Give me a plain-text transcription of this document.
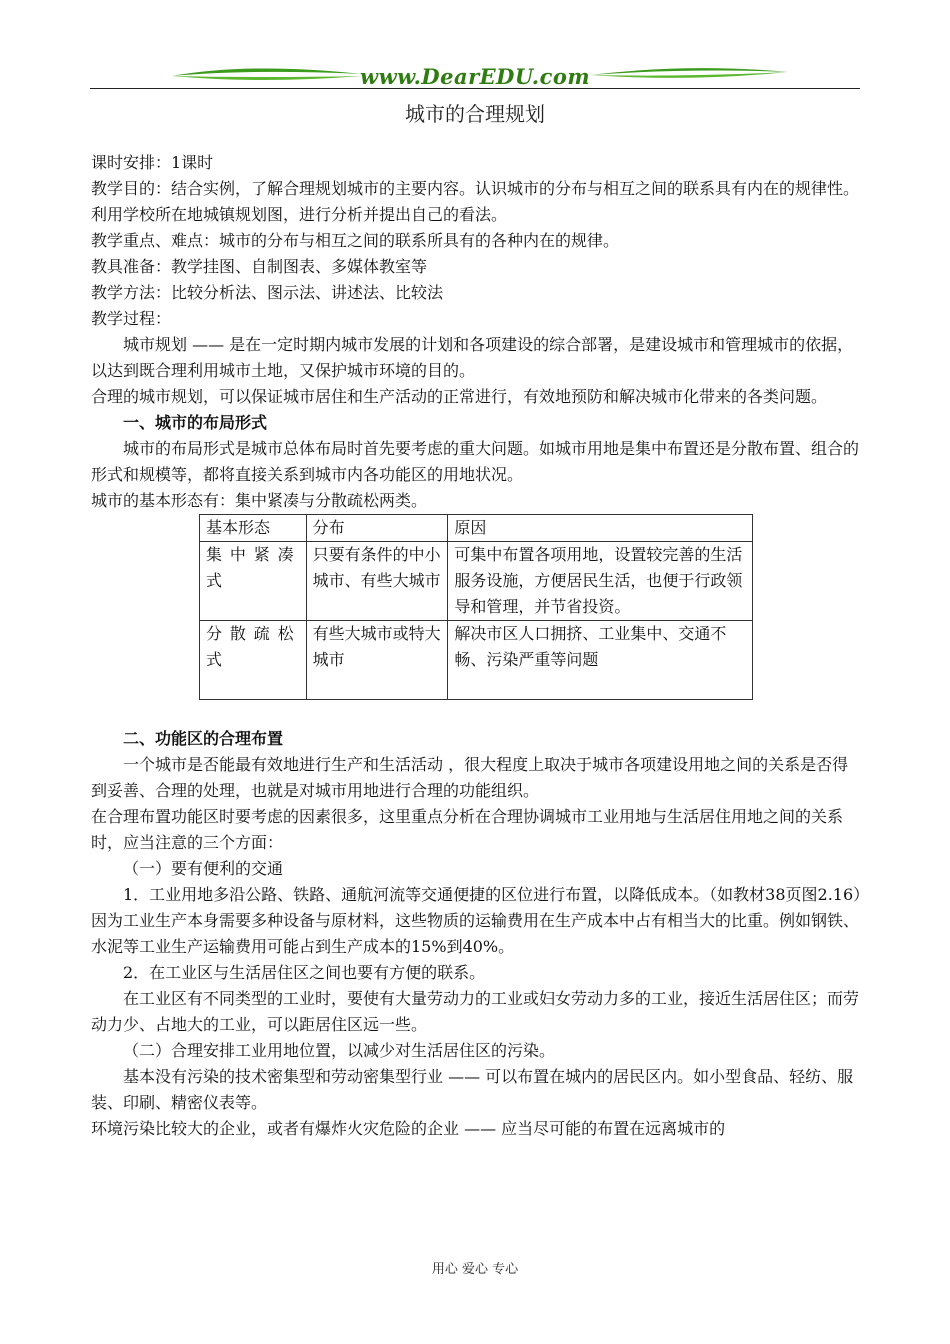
www.DearEDU.com
城市的合理规划

课时安排：1课时

教学目的：结合实例，了解合理规划城市的主要内容。认识城市的分布与相互之间的联系具有内在的规律性。利用学校所在地城镇规划图，进行分析并提出自己的看法。

教学重点、难点：城市的分布与相互之间的联系所具有的各种内在的规律。

教具准备：教学挂图、自制图表、多媒体教室等

教学方法：比较分析法、图示法、讲述法、比较法

教学过程：

城市规划 —— 是在一定时期内城市发展的计划和各项建设的综合部署，是建设城市和管理城市的依据，以达到既合理利用城市土地，又保护城市环境的目的。

合理的城市规划，可以保证城市居住和生产活动的正常进行，有效地预防和解决城市化带来的各类问题。

一、城市的布局形式

城市的布局形式是城市总体布局时首先要考虑的重大问题。如城市用地是集中布置还是分散布置、组合的形式和规模等，都将直接关系到城市内各功能区的用地状况。

城市的基本形态有：集中紧凑与分散疏松两类。

基本形态	分布	原因
集中紧凑式	只要有条件的中小城市、有些大城市	可集中布置各项用地，设置较完善的生活服务设施，方便居民生活，也便于行政领导和管理，并节省投资。
分散疏松式	有些大城市或特大城市	解决市区人口拥挤、工业集中、交通不畅、污染严重等问题

二、功能区的合理布置

一个城市是否能最有效地进行生产和生活活动 ，很大程度上取决于城市各项建设用地之间的关系是否得到妥善、合理的处理，也就是对城市用地进行合理的功能组织。

在合理布置功能区时要考虑的因素很多，这里重点分析在合理协调城市工业用地与生活居住用地之间的关系时，应当注意的三个方面：

（一）要有便利的交通

1．工业用地多沿公路、铁路、通航河流等交通便捷的区位进行布置，以降低成本。（如教材38页图2.16）

因为工业生产本身需要多种设备与原材料，这些物质的运输费用在生产成本中占有相当大的比重。例如钢铁、水泥等工业生产运输费用可能占到生产成本的15%到40%。

2．在工业区与生活居住区之间也要有方便的联系。

在工业区有不同类型的工业时，要使有大量劳动力的工业或妇女劳动力多的工业，接近生活居住区；而劳动力少、占地大的工业，可以距居住区远一些。

（二）合理安排工业用地位置，以减少对生活居住区的污染。

基本没有污染的技术密集型和劳动密集型行业 —— 可以布置在城内的居民区内。如小型食品、轻纺、服装、印刷、精密仪表等。

环境污染比较大的企业，或者有爆炸火灾危险的企业 —— 应当尽可能的布置在远离城市的

用心 爱心 专心
